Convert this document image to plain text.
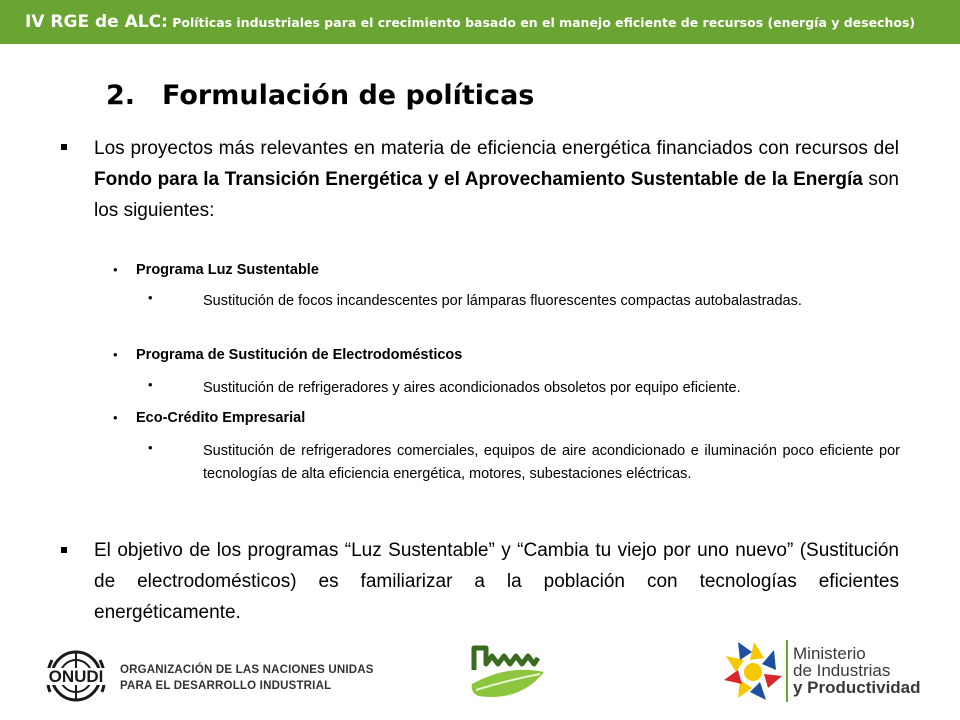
IV RGE de ALC: Políticas industriales para el crecimiento basado en el manejo eficiente de recursos (energía y desechos)
2. Formulación de políticas
Los proyectos más relevantes en materia de eficiencia energética financiados con recursos del Fondo para la Transición Energética y el Aprovechamiento Sustentable de la Energía son los siguientes:
• Programa Luz Sustentable
•	Sustitución de focos incandescentes por lámparas fluorescentes compactas autobalastradas.
• Programa de Sustitución de Electrodomésticos
•	Sustitución de refrigeradores y aires acondicionados obsoletos por equipo eficiente.
• Eco-Crédito Empresarial
•	Sustitución de refrigeradores comerciales, equipos de aire acondicionado e iluminación poco eficiente por tecnologías de alta eficiencia energética, motores, subestaciones eléctricas.
El objetivo de los programas “Luz Sustentable” y “Cambia tu viejo por uno nuevo” (Sustitución de electrodomésticos) es familiarizar a la población con tecnologías eficientes energéticamente.
ONUDI ORGANIZACIÓN DE LAS NACIONES UNIDAS
PARA EL DESARROLLO INDUSTRIAL
Ministerio
de Industrias
y Productividad
